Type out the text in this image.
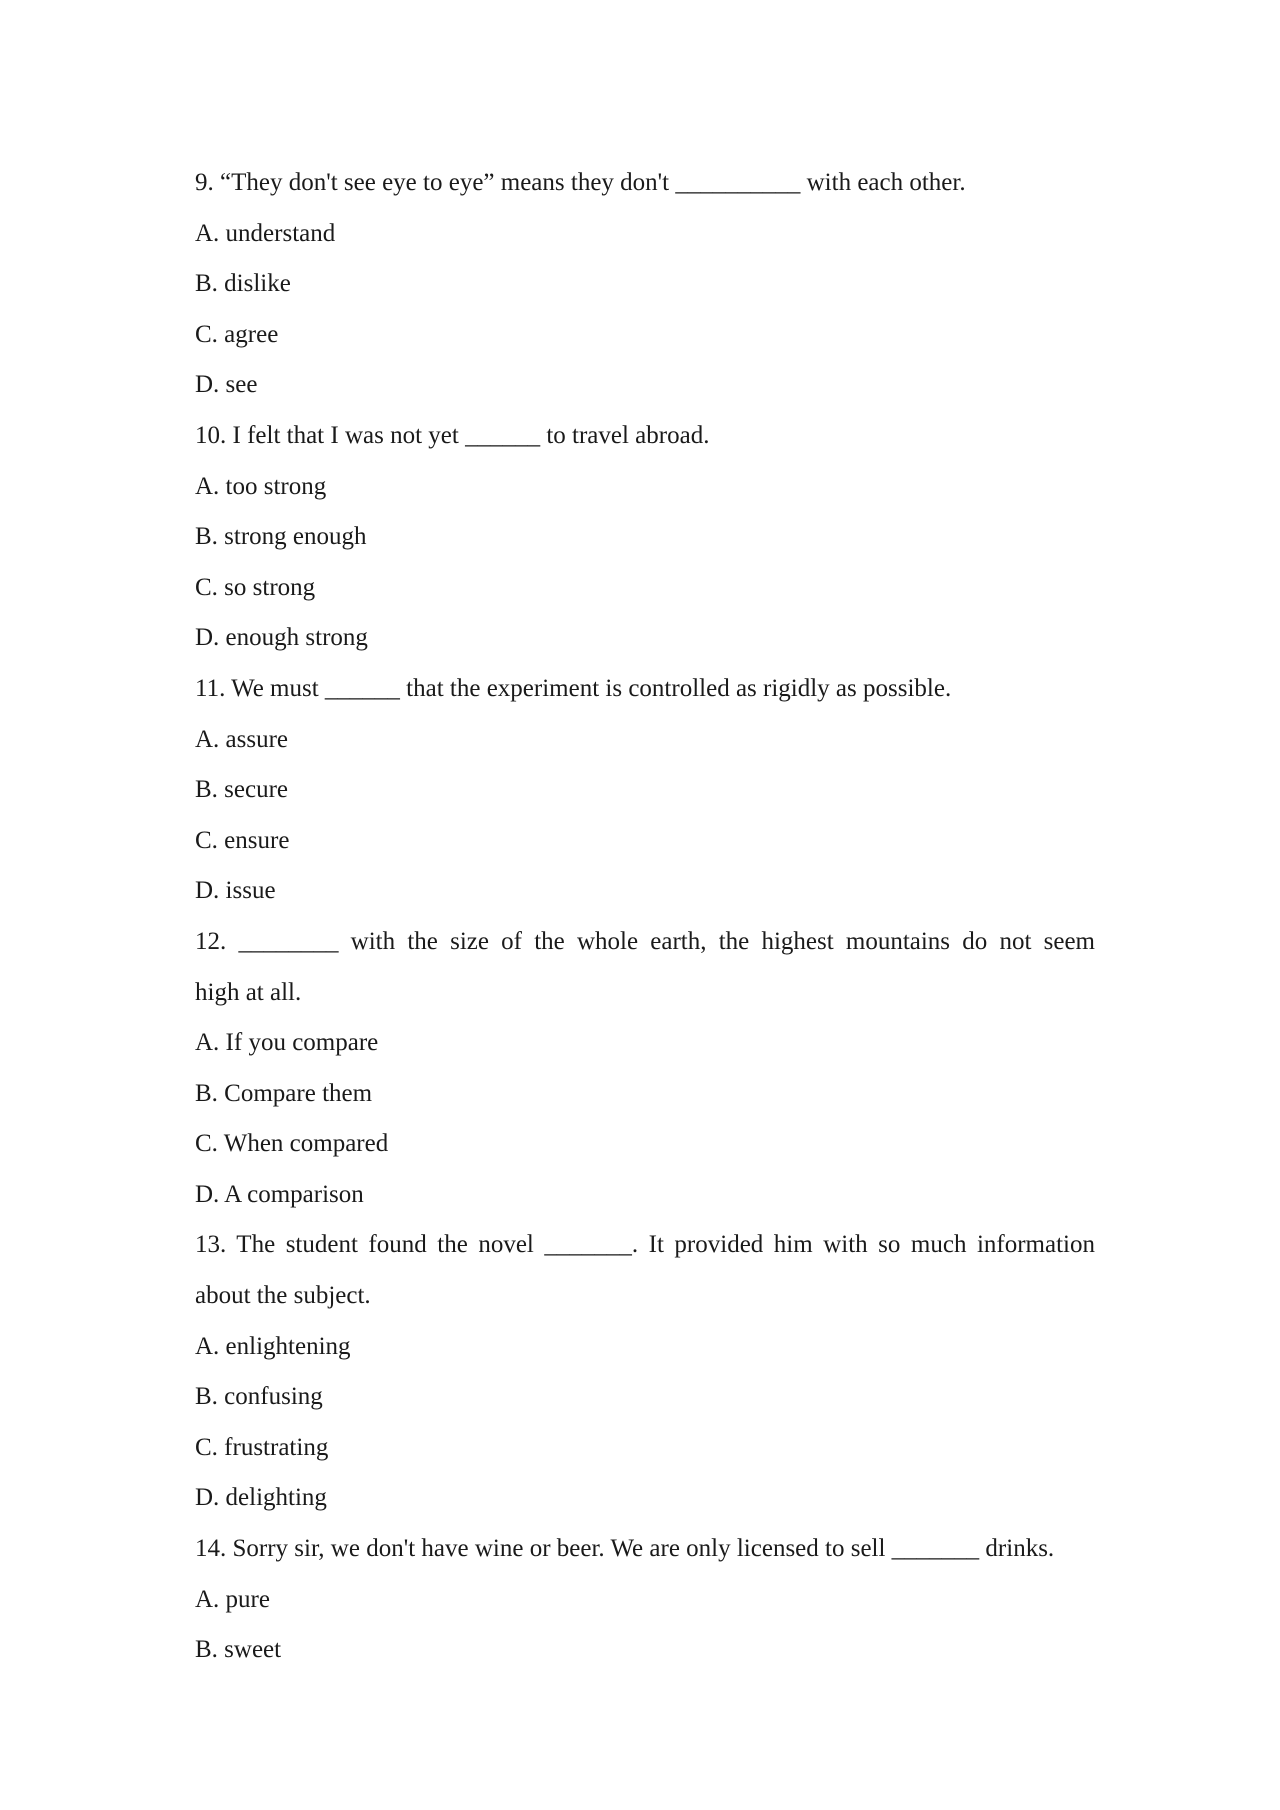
9. “They don't see eye to eye” means they don't __________ with each other.
A. understand
B. dislike
C. agree
D. see
10. I felt that I was not yet ______ to travel abroad.
A. too strong
B. strong enough
C. so strong
D. enough strong
11. We must ______ that the experiment is controlled as rigidly as possible.
A. assure
B. secure
C. ensure
D. issue
12. ________ with the size of the whole earth, the highest mountains do not seem
high at all.
A. If you compare
B. Compare them
C. When compared
D. A comparison
13. The student found the novel _______. It provided him with so much information
about the subject.
A. enlightening
B. confusing
C. frustrating
D. delighting
14. Sorry sir, we don't have wine or beer. We are only licensed to sell _______ drinks.
A. pure
B. sweet
